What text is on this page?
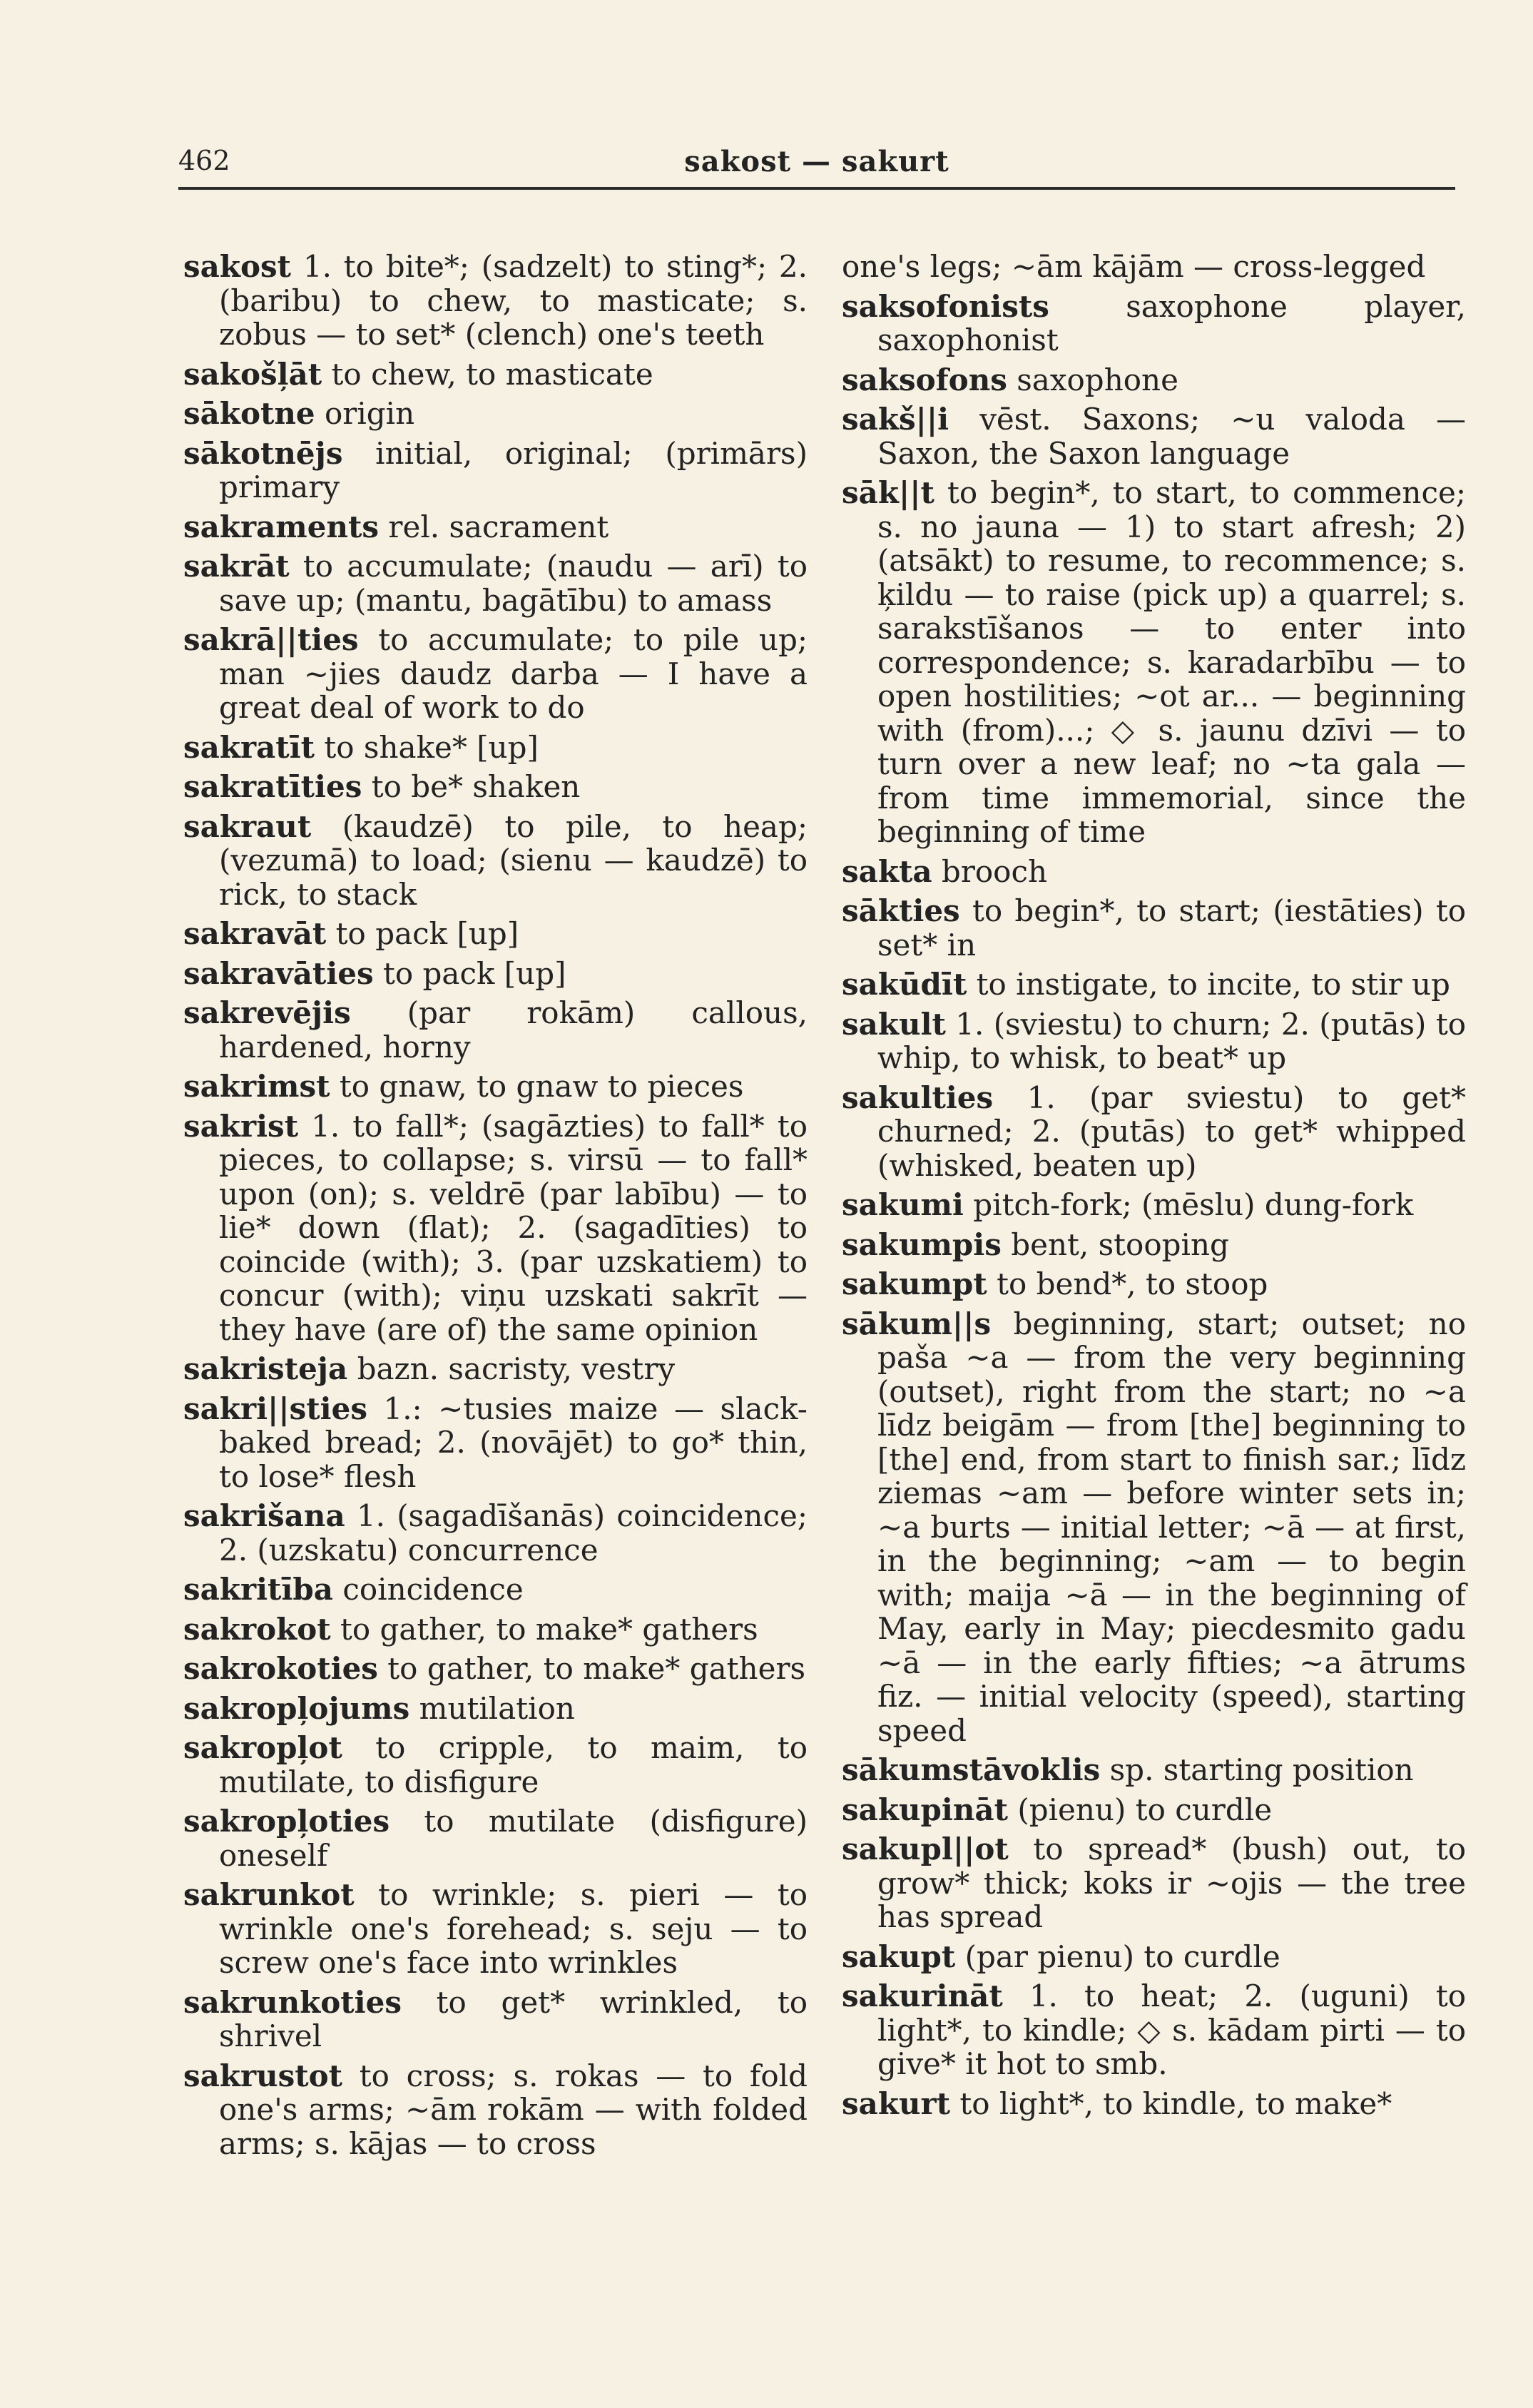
462	sakost — sakurt

sakost 1. to bite*; (sadzelt) to sting*; 2. (baribu) to chew, to masticate; s. zobus — to set* (clench) one's teeth

sakošļāt to chew, to masticate

sākotne origin

sākotnējs initial, original; (primārs) primary

sakraments rel. sacrament

sakrāt to accumulate; (naudu — arī) to save up; (mantu, bagātību) to amass

sakrā||ties to accumulate; to pile up; man ~jies daudz darba — I have a great deal of work to do

sakratīt to shake* [up]

sakratīties to be* shaken

sakraut (kaudzē) to pile, to heap; (vezumā) to load; (sienu — kaudzē) to rick, to stack

sakravāt to pack [up]

sakravāties to pack [up]

sakrevējis (par rokām) callous, hardened, horny

sakrimst to gnaw, to gnaw to pieces

sakrist 1. to fall*; (sagāzties) to fall* to pieces, to collapse; s. virsū — to fall* upon (on); s. veldrē (par labību) — to lie* down (flat); 2. (sagadīties) to coincide (with); 3. (par uzskatiem) to concur (with); viņu uzskati sakrīt — they have (are of) the same opinion

sakristeja bazn. sacristy, vestry

sakri||sties 1.: ~tusies maize — slack-baked bread; 2. (novājēt) to go* thin, to lose* flesh

sakrišana 1. (sagadīšanās) coincidence; 2. (uzskatu) concurrence

sakritība coincidence

sakrokot to gather, to make* gathers

sakrokoties to gather, to make* gathers

sakropļojums mutilation

sakropļot to cripple, to maim, to mutilate, to disfigure

sakropļoties to mutilate (disfigure) oneself

sakrunkot to wrinkle; s. pieri — to wrinkle one's forehead; s. seju — to screw one's face into wrinkles

sakrunkoties to get* wrinkled, to shrivel

sakrustot to cross; s. rokas — to fold one's arms; ~ām rokām — with folded arms; s. kājas — to cross

one's legs; ~ām kājām — cross-legged

saksofonists saxophone player, saxophonist

saksofons saxophone

sakš||i vēst. Saxons; ~u valoda — Saxon, the Saxon language

sāk||t to begin*, to start, to commence; s. no jauna — 1) to start afresh; 2) (atsākt) to resume, to recommence; s. ķildu — to raise (pick up) a quarrel; s. sarakstīšanos — to enter into correspondence; s. karadarbību — to open hostilities; ~ot ar... — beginning with (from)...; ◇ s. jaunu dzīvi — to turn over a new leaf; no ~ta gala — from time immemorial, since the beginning of time

sakta brooch

sākties to begin*, to start; (iestāties) to set* in

sakūdīt to instigate, to incite, to stir up

sakult 1. (sviestu) to churn; 2. (putās) to whip, to whisk, to beat* up

sakulties 1. (par sviestu) to get* churned; 2. (putās) to get* whipped (whisked, beaten up)

sakumi pitch-fork; (mēslu) dung-fork

sakumpis bent, stooping

sakumpt to bend*, to stoop

sākum||s beginning, start; outset; no paša ~a — from the very beginning (outset), right from the start; no ~a līdz beigām — from [the] beginning to [the] end, from start to finish sar.; līdz ziemas ~am — before winter sets in; ~a burts — initial letter; ~ā — at first, in the beginning; ~am — to begin with; maija ~ā — in the beginning of May, early in May; piecdesmito gadu ~ā — in the early fifties; ~a ātrums fiz. — initial velocity (speed), starting speed

sākumstāvoklis sp. starting position

sakupināt (pienu) to curdle

sakupl||ot to spread* (bush) out, to grow* thick; koks ir ~ojis — the tree has spread

sakupt (par pienu) to curdle

sakurināt 1. to heat; 2. (uguni) to light*, to kindle; ◇ s. kādam pirti — to give* it hot to smb.

sakurt to light*, to kindle, to make*
